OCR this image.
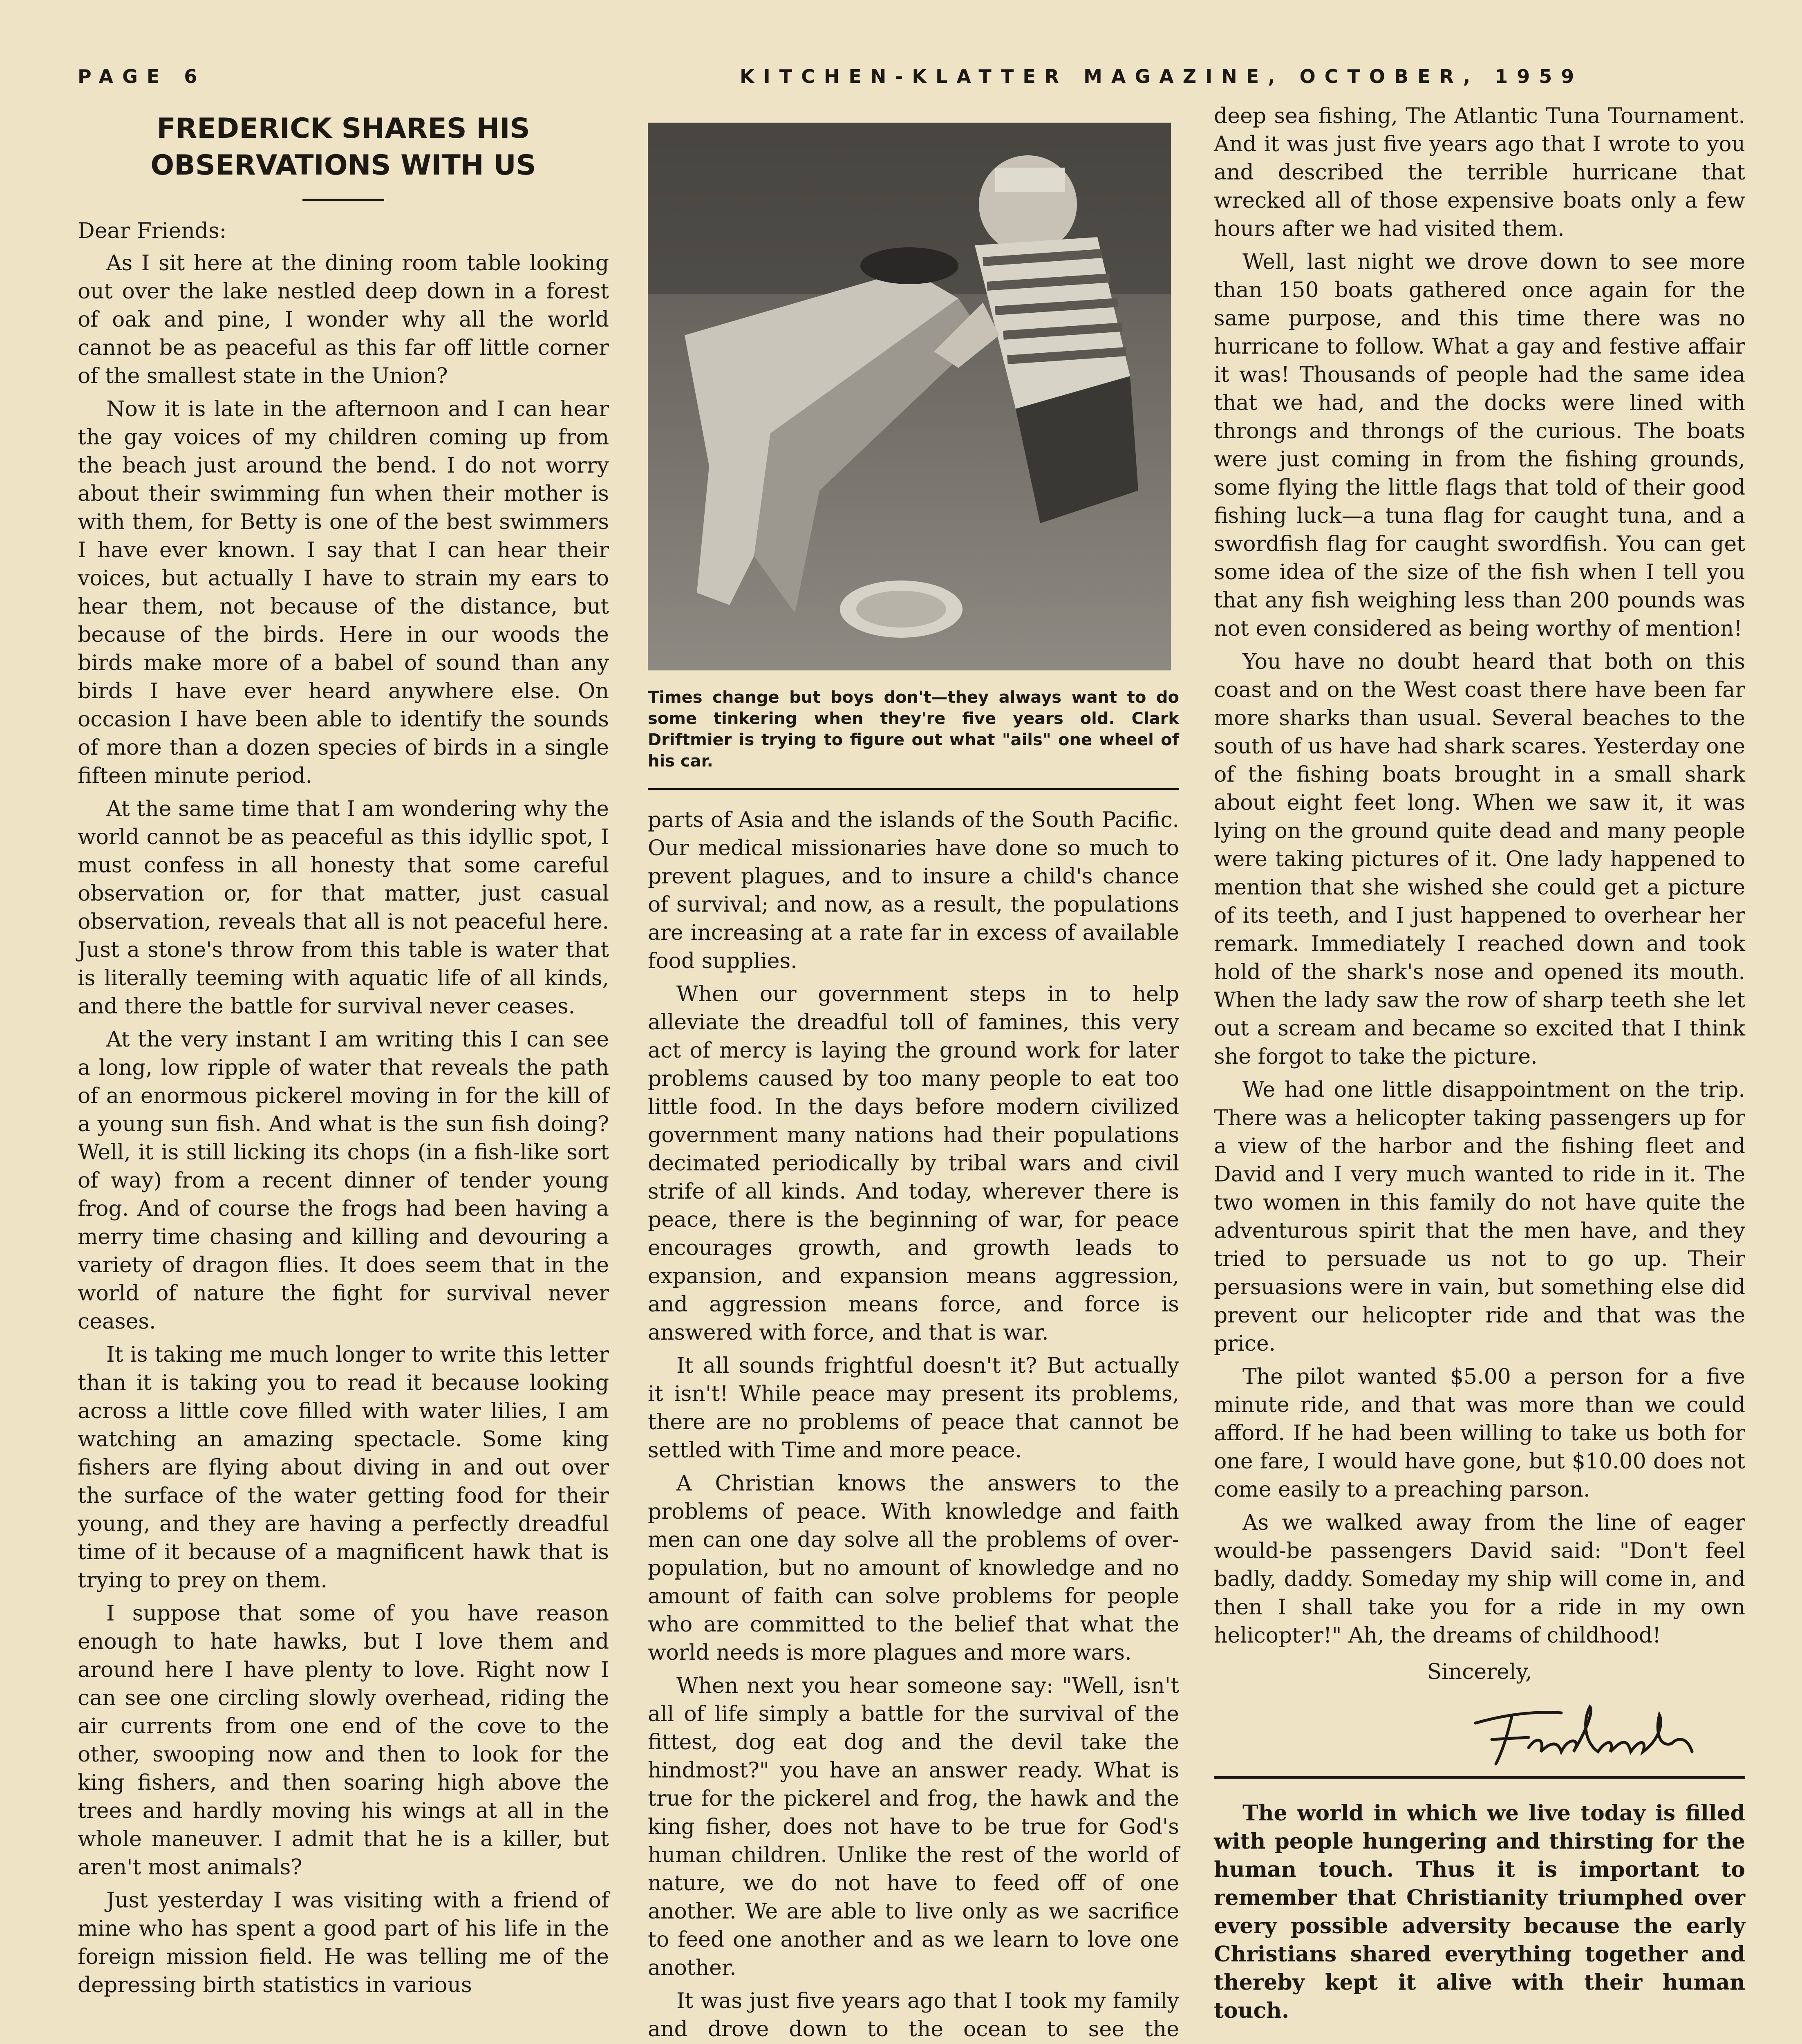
PAGE 6	KITCHEN-KLATTER MAGAZINE, OCTOBER, 1959
FREDERICK SHARES HIS
OBSERVATIONS WITH US

Dear Friends:

As I sit here at the dining room table looking out over the lake nestled deep down in a forest of oak and pine, I wonder why all the world cannot be as peaceful as this far off little corner of the smallest state in the Union?

Now it is late in the afternoon and I can hear the gay voices of my children coming up from the beach just around the bend. I do not worry about their swimming fun when their mother is with them, for Betty is one of the best swimmers I have ever known. I say that I can hear their voices, but actually I have to strain my ears to hear them, not because of the distance, but because of the birds. Here in our woods the birds make more of a babel of sound than any birds I have ever heard anywhere else. On occasion I have been able to identify the sounds of more than a dozen species of birds in a single fifteen minute period.

At the same time that I am wondering why the world cannot be as peaceful as this idyllic spot, I must confess in all honesty that some careful observation or, for that matter, just casual observation, reveals that all is not peaceful here. Just a stone's throw from this table is water that is literally teeming with aquatic life of all kinds, and there the battle for survival never ceases.

At the very instant I am writing this I can see a long, low ripple of water that reveals the path of an enormous pickerel moving in for the kill of a young sun fish. And what is the sun fish doing? Well, it is still licking its chops (in a fish-like sort of way) from a recent dinner of tender young frog. And of course the frogs had been having a merry time chasing and killing and devouring a variety of dragon flies. It does seem that in the world of nature the fight for survival never ceases.

It is taking me much longer to write this letter than it is taking you to read it because looking across a little cove filled with water lilies, I am watching an amazing spectacle. Some king fishers are flying about diving in and out over the surface of the water getting food for their young, and they are having a perfectly dreadful time of it because of a magnificent hawk that is trying to prey on them.

I suppose that some of you have reason enough to hate hawks, but I love them and around here I have plenty to love. Right now I can see one circling slowly overhead, riding the air currents from one end of the cove to the other, swooping now and then to look for the king fishers, and then soaring high above the trees and hardly moving his wings at all in the whole maneuver. I admit that he is a killer, but aren't most animals?

Just yesterday I was visiting with a friend of mine who has spent a good part of his life in the foreign mission field. He was telling me of the depressing birth statistics in various

Times change but boys don't—they always want to do some tinkering when they're five years old. Clark Driftmier is trying to figure out what "ails" one wheel of his car.

parts of Asia and the islands of the South Pacific. Our medical missionaries have done so much to prevent plagues, and to insure a child's chance of survival; and now, as a result, the populations are increasing at a rate far in excess of available food supplies.

When our government steps in to help alleviate the dreadful toll of famines, this very act of mercy is laying the ground work for later problems caused by too many people to eat too little food. In the days before modern civilized government many nations had their populations decimated periodically by tribal wars and civil strife of all kinds. And today, wherever there is peace, there is the beginning of war, for peace encourages growth, and growth leads to expansion, and expansion means aggression, and aggression means force, and force is answered with force, and that is war.

It all sounds frightful doesn't it? But actually it isn't! While peace may present its problems, there are no problems of peace that cannot be settled with Time and more peace.

A Christian knows the answers to the problems of peace. With knowledge and faith men can one day solve all the problems of over-population, but no amount of knowledge and no amount of faith can solve problems for people who are committed to the belief that what the world needs is more plagues and more wars.

When next you hear someone say: "Well, isn't all of life simply a battle for the survival of the fittest, dog eat dog and the devil take the hindmost?" you have an answer ready. What is true for the pickerel and frog, the hawk and the king fisher, does not have to be true for God's human children. Unlike the rest of the world of nature, we do not have to feed off of one another. We are able to live only as we sacrifice to feed one another and as we learn to love one another.

It was just five years ago that I took my family and drove down to the ocean to see the

deep sea fishing, The Atlantic Tuna Tournament. And it was just five years ago that I wrote to you and described the terrible hurricane that wrecked all of those expensive boats only a few hours after we had visited them.

Well, last night we drove down to see more than 150 boats gathered once again for the same purpose, and this time there was no hurricane to follow. What a gay and festive affair it was! Thousands of people had the same idea that we had, and the docks were lined with throngs and throngs of the curious. The boats were just coming in from the fishing grounds, some flying the little flags that told of their good fishing luck—a tuna flag for caught tuna, and a swordfish flag for caught swordfish. You can get some idea of the size of the fish when I tell you that any fish weighing less than 200 pounds was not even considered as being worthy of mention!

You have no doubt heard that both on this coast and on the West coast there have been far more sharks than usual. Several beaches to the south of us have had shark scares. Yesterday one of the fishing boats brought in a small shark about eight feet long. When we saw it, it was lying on the ground quite dead and many people were taking pictures of it. One lady happened to mention that she wished she could get a picture of its teeth, and I just happened to overhear her remark. Immediately I reached down and took hold of the shark's nose and opened its mouth. When the lady saw the row of sharp teeth she let out a scream and became so excited that I think she forgot to take the picture.

We had one little disappointment on the trip. There was a helicopter taking passengers up for a view of the harbor and the fishing fleet and David and I very much wanted to ride in it. The two women in this family do not have quite the adventurous spirit that the men have, and they tried to persuade us not to go up. Their persuasions were in vain, but something else did prevent our helicopter ride and that was the price.

The pilot wanted $5.00 a person for a five minute ride, and that was more than we could afford. If he had been willing to take us both for one fare, I would have gone, but $10.00 does not come easily to a preaching parson.

As we walked away from the line of eager would-be passengers David said: "Don't feel badly, daddy. Someday my ship will come in, and then I shall take you for a ride in my own helicopter!" Ah, the dreams of childhood!

Sincerely,

The world in which we live today is filled with people hungering and thirsting for the human touch. Thus it is important to remember that Christianity triumphed over every possible adversity because the early Christians shared everything together and thereby kept it alive with their human touch.
